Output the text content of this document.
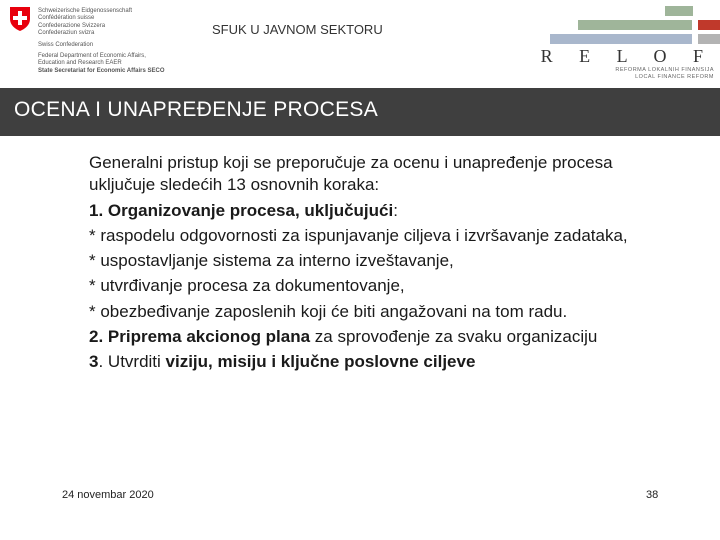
Schweizerische Eidgenossenschaft
Confédération suisse
Confederazione Svizzera
Confederaziun svizra
Swiss Confederation
Federal Department of Economic Affairs,
Education and Research EAER
State Secretariat for Economic Affairs SECO
SFUK U JAVNOM SEKTORU
R E L O F
REFORMA LOKALNIH FINANSIJA
LOCAL FINANCE REFORM
OCENA I UNAPREĐENJE PROCESA

Generalni pristup koji se preporučuje za ocenu i unapređenje procesa uključuje sledećih 13 osnovnih koraka:

1. Organizovanje procesa, uključujući:

* raspodelu odgovornosti za ispunjavanje ciljeva i izvršavanje zadataka,

* uspostavljanje sistema za interno izveštavanje,

* utvrđivanje procesa za dokumentovanje,

* obezbeđivanje zaposlenih koji će biti angažovani na tom radu.

2. Priprema akcionog plana za sprovođenje za svaku organizaciju

3. Utvrditi viziju, misiju i ključne poslovne ciljeve

24 novembar 2020	38
